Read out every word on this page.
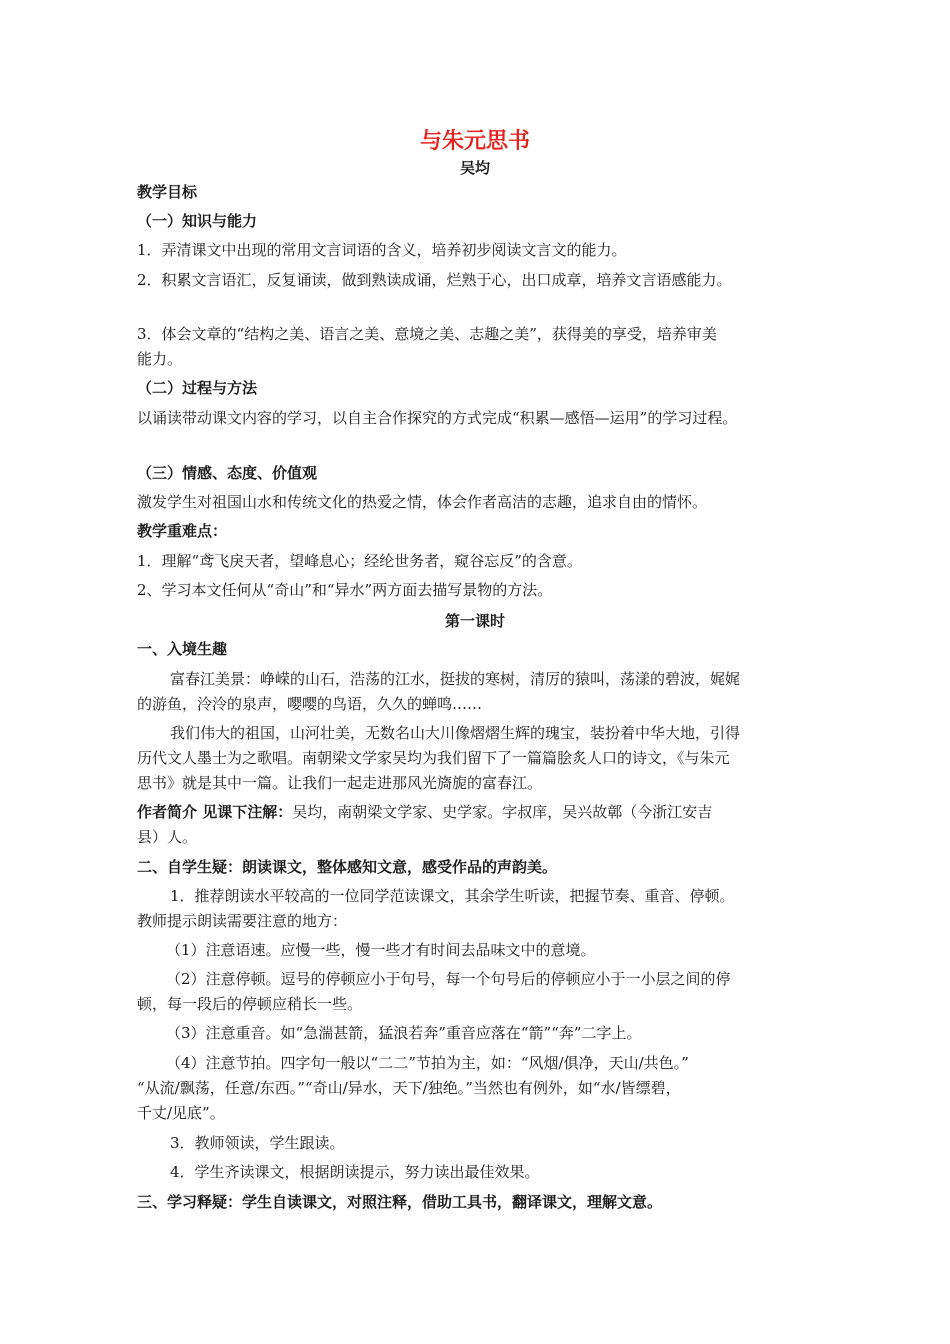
与朱元思书
吴均
教学目标
（一）知识与能力
1．弄清课文中出现的常用文言词语的含义，培养初步阅读文言文的能力。
2．积累文言语汇，反复诵读，做到熟读成诵，烂熟于心，出口成章，培养文言语感能力。
3．体会文章的“结构之美、语言之美、意境之美、志趣之美”，获得美的享受，培养审美
能力。
（二）过程与方法
以诵读带动课文内容的学习，以自主合作探究的方式完成“积累—感悟—运用”的学习过程。
（三）情感、态度、价值观
激发学生对祖国山水和传统文化的热爱之情，体会作者高洁的志趣，追求自由的情怀。
教学重难点：
1．理解“鸢飞戾天者，望峰息心；经纶世务者，窥谷忘反”的含意。
2、学习本文任何从“奇山”和“异水”两方面去描写景物的方法。
第一课时
一、入境生趣
富春江美景：峥嵘的山石，浩荡的江水，挺拔的寒树，清厉的猿叫，荡漾的碧波，娓娓
的游鱼，泠泠的泉声，嘤嘤的鸟语，久久的蝉鸣……
我们伟大的祖国，山河壮美，无数名山大川像熠熠生辉的瑰宝，装扮着中华大地，引得
历代文人墨士为之歌唱。南朝梁文学家吴均为我们留下了一篇篇脍炙人口的诗文，《与朱元
思书》就是其中一篇。让我们一起走进那风光旖旎的富春江。
作者简介 见课下注解：吴均，南朝梁文学家、史学家。字叔庠，吴兴故鄣（今浙江安吉
县）人。
二、自学生疑：朗读课文，整体感知文意，感受作品的声韵美。
1．推荐朗读水平较高的一位同学范读课文，其余学生听读，把握节奏、重音、停顿。
教师提示朗读需要注意的地方：
（1）注意语速。应慢一些，慢一些才有时间去品味文中的意境。
（2）注意停顿。逗号的停顿应小于句号，每一个句号后的停顿应小于一小层之间的停
顿，每一段后的停顿应稍长一些。
（3）注意重音。如“急湍甚箭，猛浪若奔”重音应落在“箭”“奔”二字上。
（4）注意节拍。四字句一般以“二二”节拍为主，如：“风烟/俱净，天山/共色。”
“从流/飘荡，任意/东西。”“奇山/异水，天下/独绝。”当然也有例外，如“水/皆缥碧，
千丈/见底”。
3．教师领读，学生跟读。
4．学生齐读课文，根据朗读提示，努力读出最佳效果。
三、学习释疑：学生自读课文，对照注释，借助工具书，翻译课文，理解文意。
